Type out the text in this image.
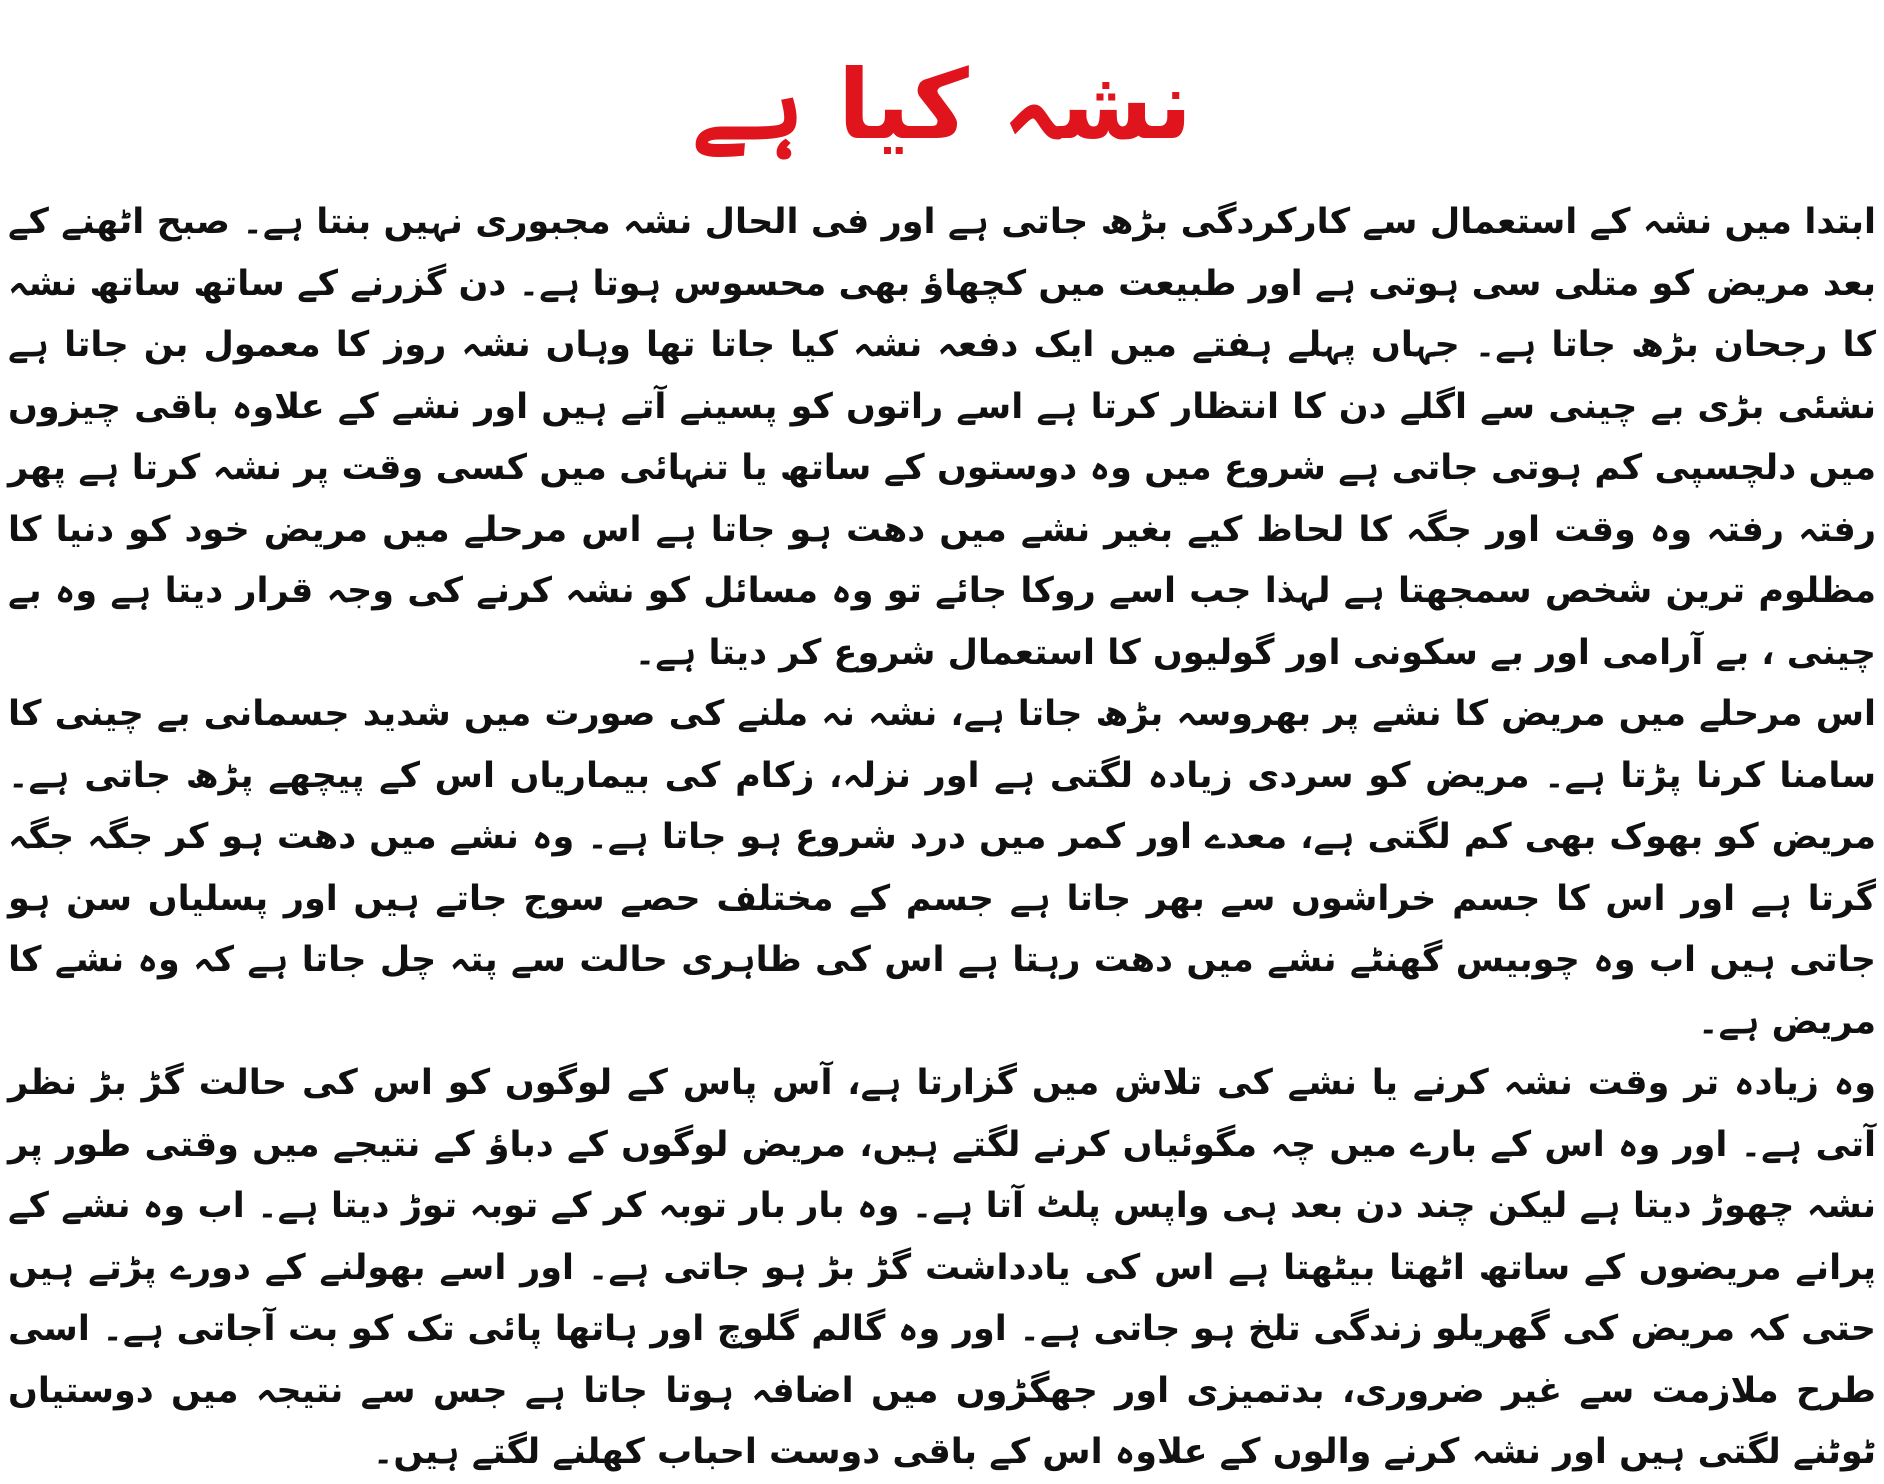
نشہ کیا ہے

ابتدا میں نشہ کے استعمال سے کارکردگی بڑھ جاتی ہے اور فی الحال نشہ مجبوری نہیں بنتا ہے۔ صبح اٹھنے کے بعد مریض کو متلی سی ہوتی ہے اور طبیعت میں کچھاؤ بھی محسوس ہوتا ہے۔ دن گزرنے کے ساتھ ساتھ نشہ کا رجحان بڑھ جاتا ہے۔ جہاں پہلے ہفتے میں ایک دفعہ نشہ کیا جاتا تھا وہاں نشہ روز کا معمول بن جاتا ہے نشئی بڑی بے چینی سے اگلے دن کا انتظار کرتا ہے اسے راتوں کو پسینے آتے ہیں اور نشے کے علاوہ باقی چیزوں میں دلچسپی کم ہوتی جاتی ہے شروع میں وہ دوستوں کے ساتھ یا تنہائی میں کسی وقت پر نشہ کرتا ہے پھر رفتہ رفتہ وہ وقت اور جگہ کا لحاظ کیے بغیر نشے میں دھت ہو جاتا ہے اس مرحلے میں مریض خود کو دنیا کا مظلوم ترین شخص سمجھتا ہے لہذا جب اسے روکا جائے تو وہ مسائل کو نشہ کرنے کی وجہ قرار دیتا ہے وہ بے چینی ، بے آرامی اور بے سکونی اور گولیوں کا استعمال شروع کر دیتا ہے۔

اس مرحلے میں مریض کا نشے پر بھروسہ بڑھ جاتا ہے، نشہ نہ ملنے کی صورت میں شدید جسمانی بے چینی کا سامنا کرنا پڑتا ہے۔ مریض کو سردی زیادہ لگتی ہے اور نزلہ، زکام کی بیماریاں اس کے پیچھے پڑھ جاتی ہے۔ مریض کو بھوک بھی کم لگتی ہے، معدے اور کمر میں درد شروع ہو جاتا ہے۔ وہ نشے میں دھت ہو کر جگہ جگہ گرتا ہے اور اس کا جسم خراشوں سے بھر جاتا ہے جسم کے مختلف حصے سوج جاتے ہیں اور پسلیاں سن ہو جاتی ہیں اب وہ چوبیس گھنٹے نشے میں دھت رہتا ہے اس کی ظاہری حالت سے پتہ چل جاتا ہے کہ وہ نشے کا مریض ہے۔

وہ زیادہ تر وقت نشہ کرنے یا نشے کی تلاش میں گزارتا ہے، آس پاس کے لوگوں کو اس کی حالت گڑ بڑ نظر آتی ہے۔ اور وہ اس کے بارے میں چہ مگوئیاں کرنے لگتے ہیں، مریض لوگوں کے دباؤ کے نتیجے میں وقتی طور پر نشہ چھوڑ دیتا ہے لیکن چند دن بعد ہی واپس پلٹ آتا ہے۔ وہ بار بار توبہ کر کے توبہ توڑ دیتا ہے۔ اب وہ نشے کے پرانے مریضوں کے ساتھ اٹھتا بیٹھتا ہے اس کی یادداشت گڑ بڑ ہو جاتی ہے۔ اور اسے بھولنے کے دورے پڑتے ہیں حتی کہ مریض کی گھریلو زندگی تلخ ہو جاتی ہے۔ اور وہ گالم گلوچ اور ہاتھا پائی تک کو بت آجاتی ہے۔ اسی طرح ملازمت سے غیر ضروری، بدتمیزی اور جھگڑوں میں اضافہ ہوتا جاتا ہے جس سے نتیجہ میں دوستیاں ٹوٹنے لگتی ہیں اور نشہ کرنے والوں کے علاوہ اس کے باقی دوست احباب کھلنے لگتے ہیں۔
